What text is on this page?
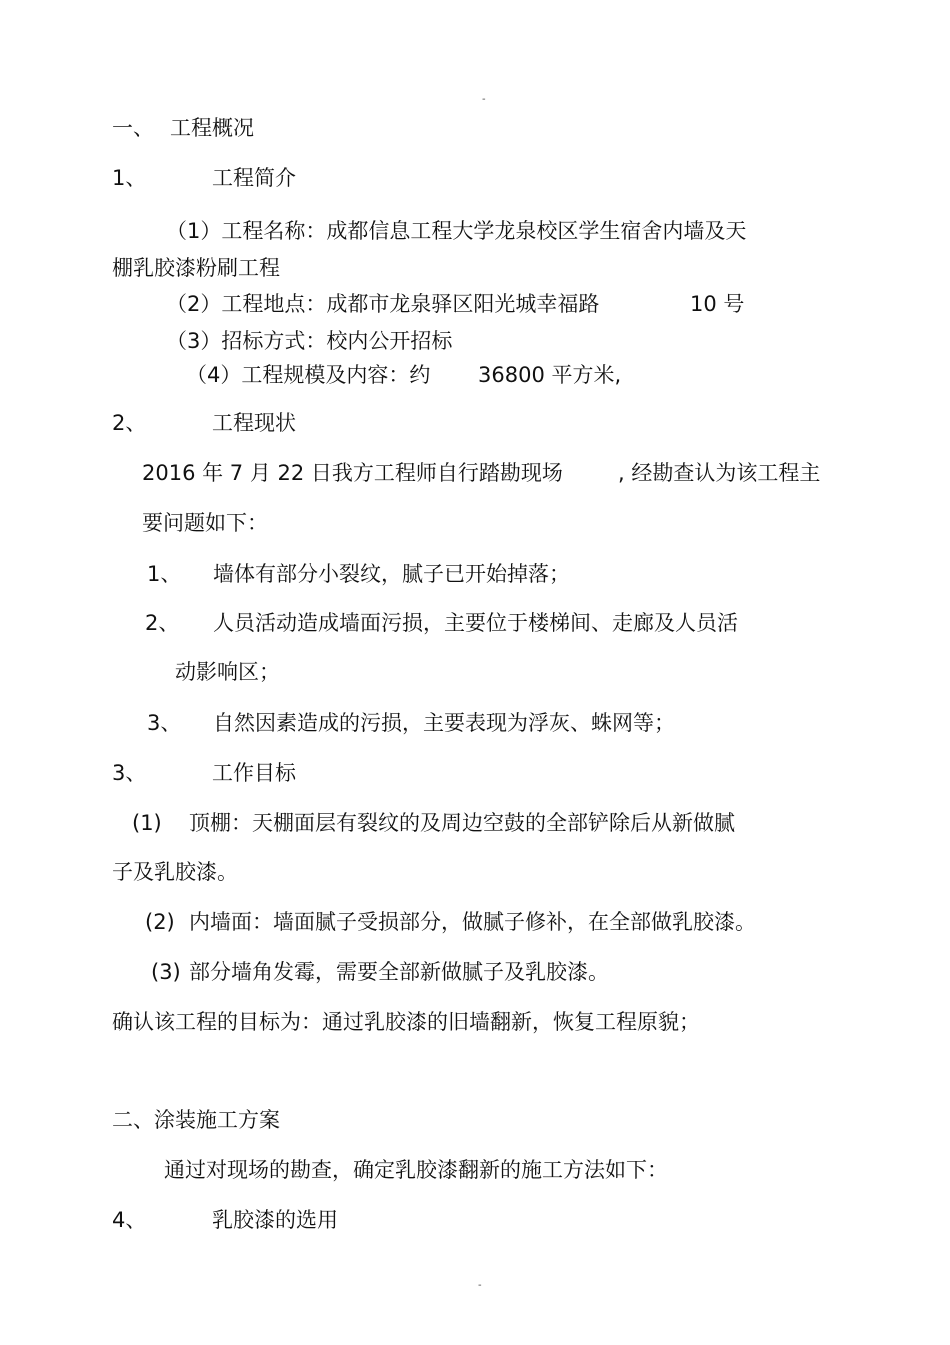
-
一、 工程概况
1、	工程简介
（1）工程名称：成都信息工程大学龙泉校区学生宿舍内墙及天
棚乳胶漆粉刷工程
（2）工程地点：成都市龙泉驿区阳光城幸福路	10 号
（3）招标方式：校内公开招标
（4）工程规模及内容：约 36800 平方米,
2、	工程现状
2016 年 7 月 22 日我方工程师自行踏勘现场	, 经勘查认为该工程主
要问题如下：
1、 墙体有部分小裂纹，腻子已开始掉落；
2、 人员活动造成墙面污损，主要位于楼梯间、走廊及人员活
动影响区；
3、 自然因素造成的污损，主要表现为浮灰、蛛网等；
3、	工作目标
(1) 顶棚：天棚面层有裂纹的及周边空鼓的全部铲除后从新做腻
子及乳胶漆。
(2) 内墙面：墙面腻子受损部分，做腻子修补，在全部做乳胶漆。
(3) 部分墙角发霉，需要全部新做腻子及乳胶漆。
确认该工程的目标为：通过乳胶漆的旧墙翻新，恢复工程原貌；
二、涂装施工方案
通过对现场的勘查，确定乳胶漆翻新的施工方法如下：
4、	乳胶漆的选用
-
